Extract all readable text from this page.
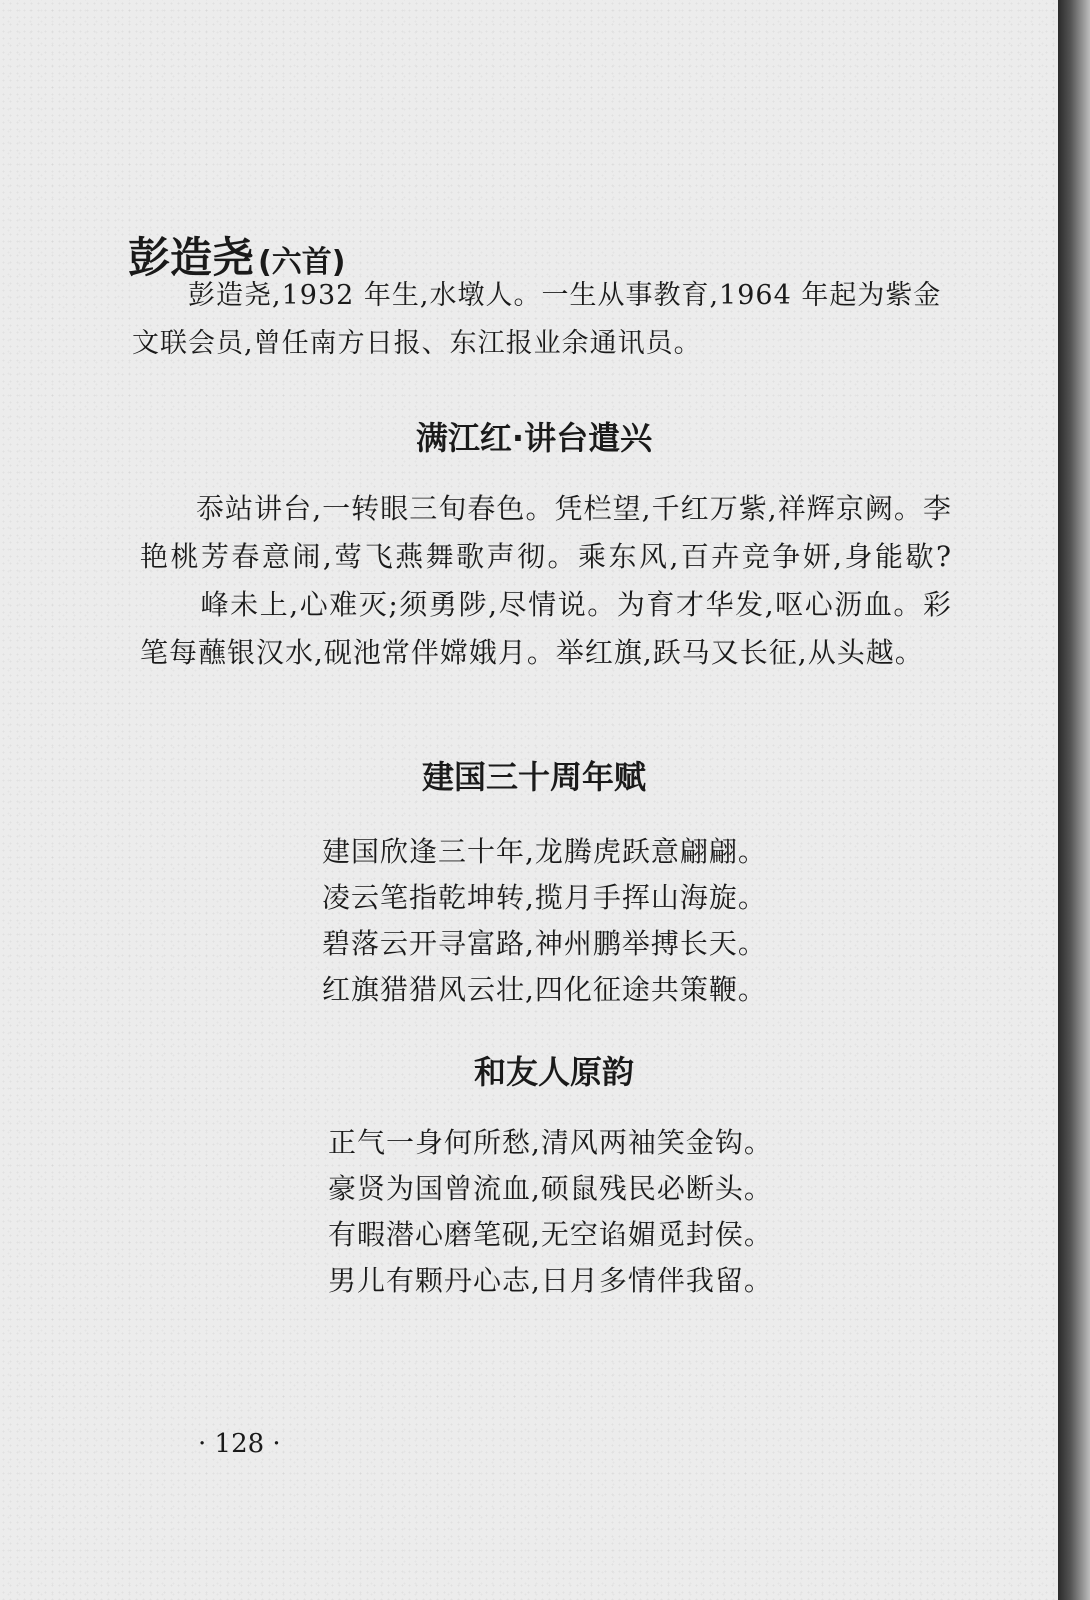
彭造尧 (六首)
彭造尧,1932 年生,水墩人。一生从事教育,1964 年起为紫金文联会员,曾任南方日报、东江报业余通讯员。
满江红·讲台遣兴
忝站讲台,一转眼三旬春色。凭栏望,千红万紫,祥辉京阙。李艳桃芳春意闹,莺飞燕舞歌声彻。乘东风,百卉竞争妍,身能歇?峰未上,心难灭;须勇陟,尽情说。为育才华发,呕心沥血。彩笔每蘸银汉水,砚池常伴嫦娥月。举红旗,跃马又长征,从头越。
建国三十周年赋
建国欣逢三十年,龙腾虎跃意翩翩。
凌云笔指乾坤转,揽月手挥山海旋。
碧落云开寻富路,神州鹏举搏长天。
红旗猎猎风云壮,四化征途共策鞭。
和友人原韵
正气一身何所愁,清风两袖笑金钩。
豪贤为国曾流血,硕鼠残民必断头。
有暇潜心磨笔砚,无空谄媚觅封侯。
男儿有颗丹心志,日月多情伴我留。
· 128 ·
